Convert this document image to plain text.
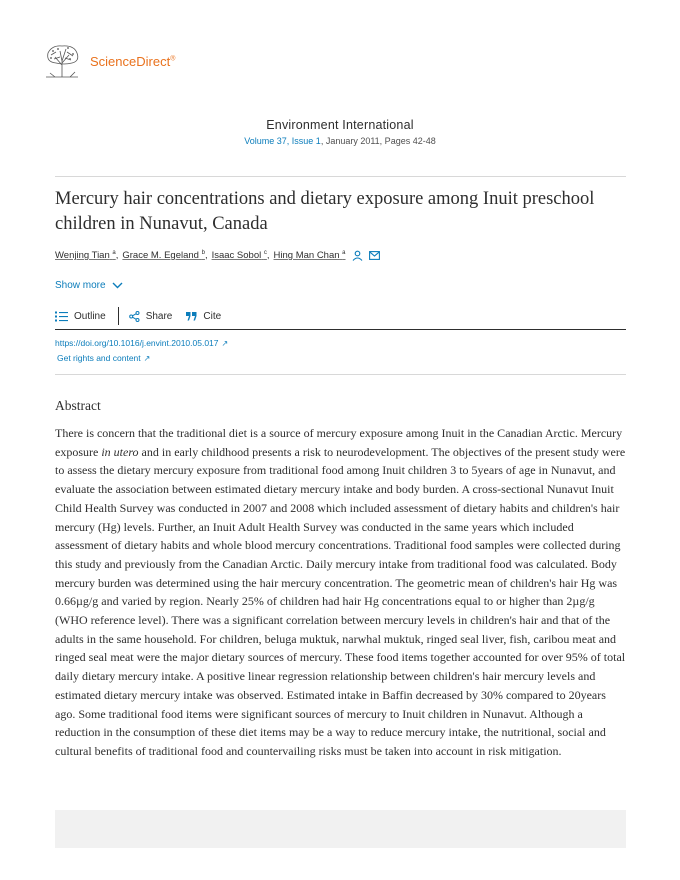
ScienceDirect®
Environment International
Volume 37, Issue 1, January 2011, Pages 42-48
Mercury hair concentrations and dietary exposure among Inuit preschool children in Nunavut, Canada
Wenjing Tian $^a$ , Grace M. Egeland $^b$ , Isaac Sobol $^c$ , Hing Man Chan $^a$
Show more
Outline	Share	Cite
https://doi.org/10.1016/j.envint.2010.05.017 ↗
Get rights and content ↗
Abstract
There is concern that the traditional diet is a source of mercury exposure among Inuit in the Canadian Arctic. Mercury exposure in utero and in early childhood presents a risk to neurodevelopment. The objectives of the present study were to assess the dietary mercury exposure from traditional food among Inuit children 3 to 5years of age in Nunavut, and evaluate the association between estimated dietary mercury intake and body burden. A cross-sectional Nunavut Inuit Child Health Survey was conducted in 2007 and 2008 which included assessment of dietary habits and children's hair mercury (Hg) levels. Further, an Inuit Adult Health Survey was conducted in the same years which included assessment of dietary habits and whole blood mercury concentrations. Traditional food samples were collected during this study and previously from the Canadian Arctic. Daily mercury intake from traditional food was calculated. Body mercury burden was determined using the hair mercury concentration. The geometric mean of children's hair Hg was 0.66µg/g and varied by region. Nearly 25% of children had hair Hg concentrations equal to or higher than 2µg/g (WHO reference level). There was a significant correlation between mercury levels in children's hair and that of the adults in the same household. For children, beluga muktuk, narwhal muktuk, ringed seal liver, fish, caribou meat and ringed seal meat were the major dietary sources of mercury. These food items together accounted for over 95% of total daily dietary mercury intake. A positive linear regression relationship between children's hair mercury levels and estimated dietary mercury intake was observed. Estimated intake in Baffin decreased by 30% compared to 20years ago. Some traditional food items were significant sources of mercury to Inuit children in Nunavut. Although a reduction in the consumption of these diet items may be a way to reduce mercury intake, the nutritional, social and cultural benefits of traditional food and countervailing risks must be taken into account in risk mitigation.
